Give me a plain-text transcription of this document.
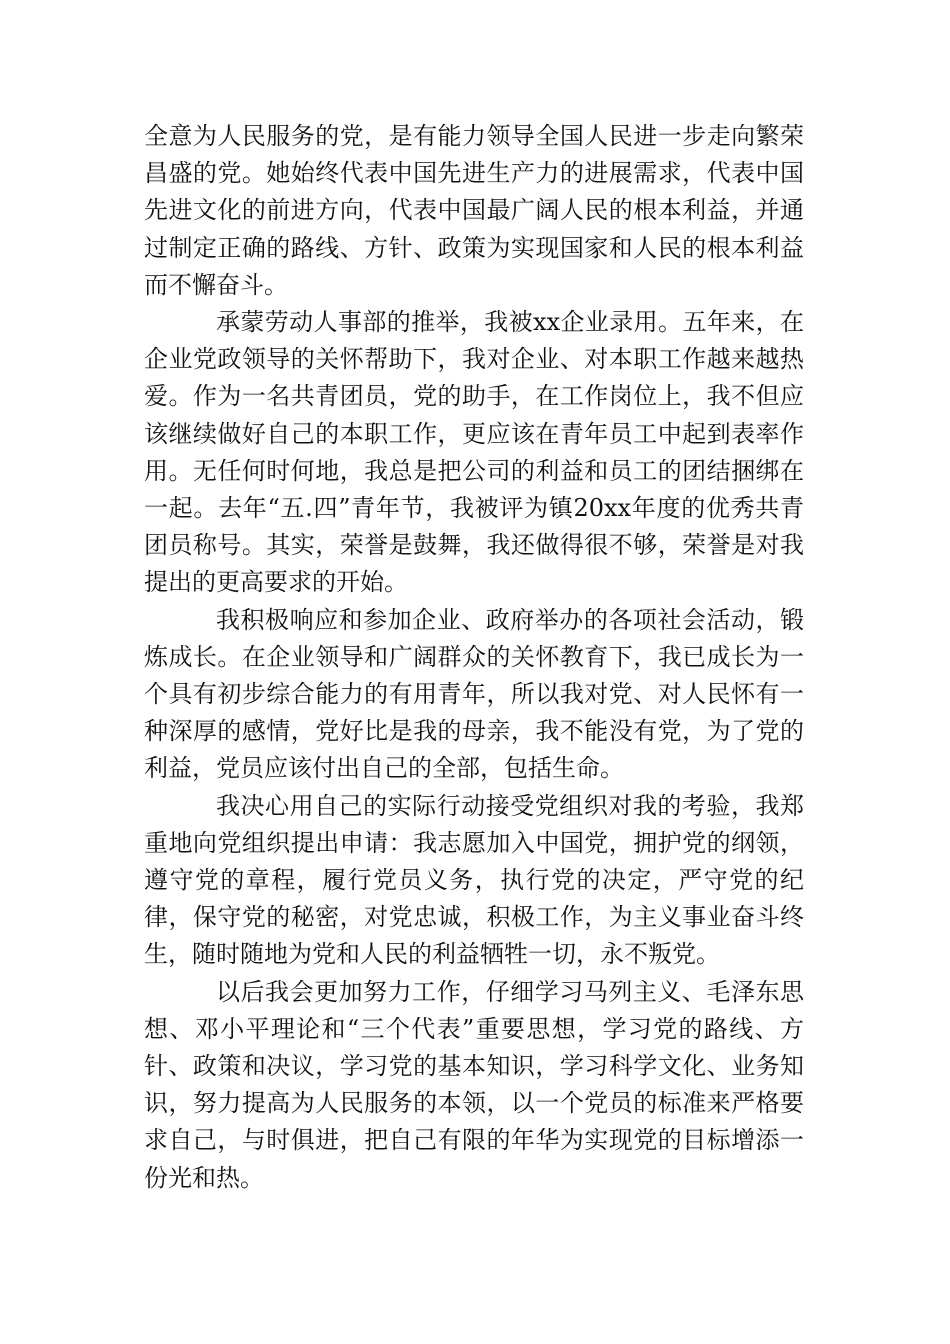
全意为人民服务的党，是有能力领导全国人民进一步走向繁荣昌盛的党。她始终代表中国先进生产力的进展需求，代表中国先进文化的前进方向，代表中国最广阔人民的根本利益，并通过制定正确的路线、方针、政策为实现国家和人民的根本利益而不懈奋斗。

承蒙劳动人事部的推举，我被xx企业录用。五年来，在企业党政领导的关怀帮助下，我对企业、对本职工作越来越热爱。作为一名共青团员，党的助手，在工作岗位上，我不但应该继续做好自己的本职工作，更应该在青年员工中起到表率作用。无任何时何地，我总是把公司的利益和员工的团结捆绑在一起。去年“五.四”青年节，我被评为镇20xx年度的优秀共青团员称号。其实，荣誉是鼓舞，我还做得很不够，荣誉是对我提出的更高要求的开始。

我积极响应和参加企业、政府举办的各项社会活动，锻炼成长。在企业领导和广阔群众的关怀教育下，我已成长为一个具有初步综合能力的有用青年，所以我对党、对人民怀有一种深厚的感情，党好比是我的母亲，我不能没有党，为了党的利益，党员应该付出自己的全部，包括生命。

我决心用自己的实际行动接受党组织对我的考验，我郑重地向党组织提出申请：我志愿加入中国党，拥护党的纲领，遵守党的章程，履行党员义务，执行党的决定，严守党的纪律，保守党的秘密，对党忠诚，积极工作，为主义事业奋斗终生，随时随地为党和人民的利益牺牲一切，永不叛党。

以后我会更加努力工作，仔细学习马列主义、毛泽东思想、邓小平理论和“三个代表”重要思想，学习党的路线、方针、政策和决议，学习党的基本知识，学习科学文化、业务知识，努力提高为人民服务的本领，以一个党员的标准来严格要求自己，与时俱进，把自己有限的年华为实现党的目标增添一份光和热。
